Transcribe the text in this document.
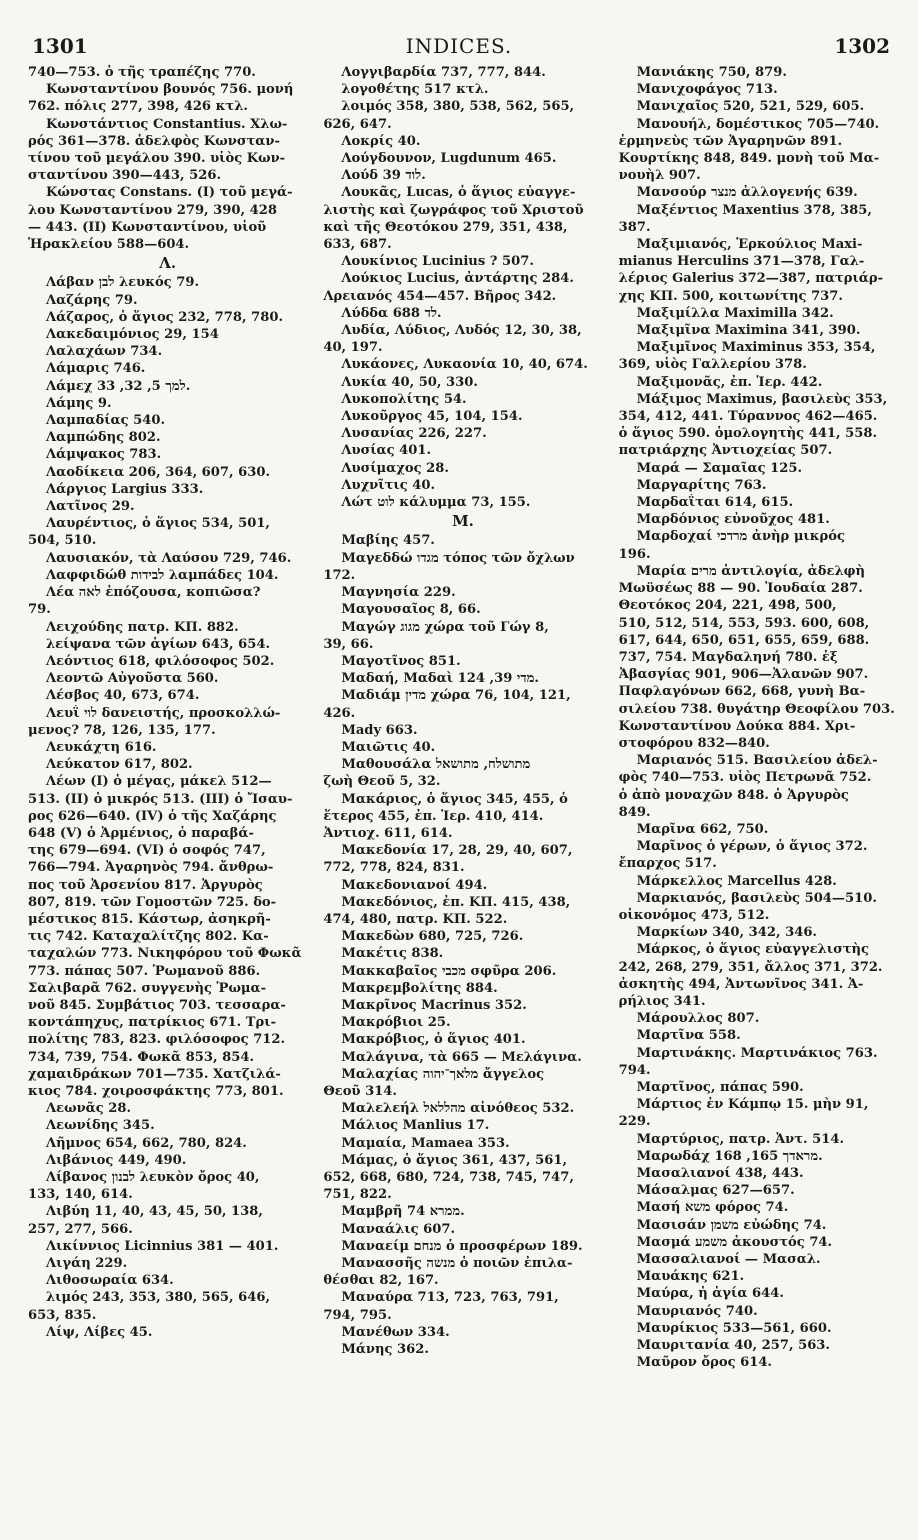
1301	INDICES.	1302
740—753. ὁ τῆς τραπέζης 770.
Κωνσταντίνου βουνός 756. μονή
762. πόλις 277, 398, 426 κτλ.
Κωνστάντιος Constantius. Χλω-
ρός 361—378. ἀδελφὸς Κωνσταν-
τίνου τοῦ μεγάλου 390. υἱὸς Κων-
σταντίνου 390—443, 526.
Κώνστας Constans. (I) τοῦ μεγά-
λου Κωνσταντίνου 279, 390, 428
— 443. (II) Κωνσταντίνου, υἱοῦ
Ἡρακλείου 588—604.
Λ.
Λάβαν לבן λευκός 79.
Λαζάρης 79.
Λάζαρος, ὁ ἅγιος 232, 778, 780.
Λακεδαιμόνιος 29, 154
Λαλαχάων 734.
Λάμαρις 746.
Λάμεχ למך 5, 32, 33.
Λάμης 9.
Λαμπαδίας 540.
Λαμπώδης 802.
Λάμψακος 783.
Λαοδίκεια 206, 364, 607, 630.
Λάργιος Largius 333.
Λατῖνος 29.
Λαυρέντιος, ὁ ἅγιος 534, 501,
504, 510.
Λαυσιακόν, τὰ Λαύσου 729, 746.
Λαφφιδώθ לבידות λαμπάδες 104.
Λέα לאה ἐπόζουσα, κοπιῶσα?
79.
Λειχούδης πατρ. ΚΠ. 882.
λείψανα τῶν ἁγίων 643, 654.
Λεόντιος 618, φιλόσοφος 502.
Λεοντῶ Αὐγοῦστα 560.
Λέσβος 40, 673, 674.
Λευΐ לוי δανειστής, προσκολλώ-
μενος? 78, 126, 135, 177.
Λευκάχτη 616.
Λεύκατον 617, 802.
Λέων (I) ὁ μέγας, μάκελ 512—
513. (II) ὁ μικρός 513. (III) ὁ Ἴσαυ-
ρος 626—640. (IV) ὁ τῆς Χαζάρης
648 (V) ὁ Ἀρμένιος, ὁ παραβά-
της 679—694. (VI) ὁ σοφός 747,
766—794. Ἀγαρηνὸς 794. ἄνθρω-
πος τοῦ Ἀρσενίου 817. Ἀργυρὸς
807, 819. τῶν Γομοστῶν 725. δο-
μέστικος 815. Κάστωρ, ἀσηκρῆ-
τις 742. Καταχαλίτζης 802. Κα-
ταχαλών 773. Νικηφόρου τοῦ Φωκᾶ
773. πάπας 507. Ῥωμανοῦ 886.
Σαλιβαρᾶ 762. συγγενὴς Ῥωμα-
νοῦ 845. Συμβάτιος 703. τεσσαρα-
κοντάπηχυς, πατρίκιος 671. Τρι-
πολίτης 783, 823. φιλόσοφος 712.
734, 739, 754. Φωκᾶ 853, 854.
χαμαιδράκων 701—735. Χατζιλά-
κιος 784. χοιροσφάκτης 773, 801.
Λεωνᾶς 28.
Λεωνίδης 345.
Λῆμνος 654, 662, 780, 824.
Λιβάνιος 449, 490.
Λίβανος לבנון λευκὸν ὄρος 40,
133, 140, 614.
Λιβύη 11, 40, 43, 45, 50, 138,
257, 277, 566.
Λικίννιος Licinnius 381 — 401.
Λιγάη 229.
Λιθοσωραία 634.
λιμός 243, 353, 380, 565, 646,
653, 835.
Λίψ, Λίβες 45.
Λογγιβαρδία 737, 777, 844.
λογοθέτης 517 κτλ.
λοιμός 358, 380, 538, 562, 565,
626, 647.
Λοκρίς 40.
Λούγδουνον, Lugdunum 465.
Λούδ לוד 39.
Λουκᾶς, Lucas, ὁ ἅγιος εὐαγγε-
λιστὴς καὶ ζωγράφος τοῦ Χριστοῦ
καὶ τῆς Θεοτόκου 279, 351, 438,
633, 687.
Λουκίνιος Lucinius ? 507.
Λούκιος Lucius, ἀντάρτης 284.
Λρειανός 454—457. Βῆρος 342.
Λύδδα לד 688.
Λυδία, Λύδιος, Λυδός 12, 30, 38,
40, 197.
Λυκάονες, Λυκαονία 10, 40, 674.
Λυκία 40, 50, 330.
Λυκοπολίτης 54.
Λυκοῦργος 45, 104, 154.
Λυσανίας 226, 227.
Λυσίας 401.
Λυσίμαχος 28.
Λυχνῖτις 40.
Λώτ לוט κάλυμμα 73, 155.
Μ.
Μαβίης 457.
Μαγεδδώ מגדו τόπος τῶν ὄχλων
172.
Μαγνησία 229.
Μαγουσαῖος 8, 66.
Μαγώγ מגוג χώρα τοῦ Γώγ 8,
39, 66.
Μαγοτῖνος 851.
Μαδαή, Μαδαὶ מדי 39, 124.
Μαδιάμ מדין χώρα 76, 104, 121,
426.
Mady 663.
Μαιῶτις 40.
Μαθουσάλα מתושלח, מתושאל
ζωὴ Θεοῦ 5, 32.
Μακάριος, ὁ ἅγιος 345, 455, ὁ
ἕτερος 455, ἐπ. Ἱερ. 410, 414.
Ἀντιοχ. 611, 614.
Μακεδονία 17, 28, 29, 40, 607,
772, 778, 824, 831.
Μακεδονιανοί 494.
Μακεδόνιος, ἐπ. ΚΠ. 415, 438,
474, 480, πατρ. ΚΠ. 522.
Μακεδὼν 680, 725, 726.
Μακέτις 838.
Μακκαβαῖος מכבי σφῦρα 206.
Μακρεμβολίτης 884.
Μακρῖνος Macrinus 352.
Μακρόβιοι 25.
Μακρόβιος, ὁ ἅγιος 401.
Μαλάγινα, τὰ 665 — Μελάγινα.
Μαλαχίας מלאך־יהוה ἄγγελος
Θεοῦ 314.
Μαλελεήλ מהללאל αἰνόθεος 532.
Μάλιος Manlius 17.
Μαμαία, Mamaea 353.
Μάμας, ὁ ἅγιος 361, 437, 561,
652, 668, 680, 724, 738, 745, 747,
751, 822.
Μαμβρῆ ממרא 74.
Μαναάλις 607.
Μαναείμ מנחם ὁ προσφέρων 189.
Μανασσῆς מנשה ὁ ποιῶν ἐπιλα-
θέσθαι 82, 167.
Μαναύρα 713, 723, 763, 791,
794, 795.
Μανέθων 334.
Μάνης 362.
Μανιάκης 750, 879.
Μανιχοφάγος 713.
Μανιχαῖος 520, 521, 529, 605.
Μανουήλ, δομέστικος 705—740.
ἑρμηνεὺς τῶν Ἀγαρηνῶν 891.
Κουρτίκης 848, 849. μονὴ τοῦ Μα-
νουὴλ 907.
Μανσούρ מנצר ἀλλογενής 639.
Μαξέντιος Maxentius 378, 385,
387.
Μαξιμιανός, Ἑρκούλιος Maxi-
mianus Herculins 371—378, Γαλ-
λέριος Galerius 372—387, πατριάρ-
χης ΚΠ. 500, κοιτωνίτης 737.
Μαξιμίλλα Maximilla 342.
Μαξιμῖνα Maximina 341, 390.
Μαξιμῖνος Maximinus 353, 354,
369, υἱὸς Γαλλερίου 378.
Μαξιμονᾶς, ἐπ. Ἱερ. 442.
Μάξιμος Maximus, βασιλεὺς 353,
354, 412, 441. Τύραννος 462—465.
ὁ ἅγιος 590. ὁμολογητὴς 441, 558.
πατριάρχης Ἀντιοχείας 507.
Μαρά — Σαμαῖας 125.
Μαργαρίτης 763.
Μαρδαΐται 614, 615.
Μαρδόνιος εὐνοῦχος 481.
Μαρδοχαί מרדכי ἀνὴρ μικρός
196.
Μαρία מרים ἀντιλογία, ἀδελφὴ
Μωϋσέως 88 — 90. Ἰουδαία 287.
Θεοτόκος 204, 221, 498, 500,
510, 512, 514, 553, 593. 600, 608,
617, 644, 650, 651, 655, 659, 688.
737, 754. Μαγδαληνή 780. ἐξ
Ἀβασγίας 901, 906—Ἀλανῶν 907.
Παφλαγόνων 662, 668, γυνὴ Βα-
σιλείου 738. θυγάτηρ Θεοφίλου 703.
Κωνσταντίνου Δούκα 884. Χρι-
στοφόρου 832—840.
Μαριανός 515. Βασιλείου ἀδελ-
φὸς 740—753. υἱὸς Πετρωνᾶ 752.
ὁ ἀπὸ μοναχῶν 848. ὁ Ἀργυρὸς
849.
Μαρῖνα 662, 750.
Μαρῖνος ὁ γέρων, ὁ ἅγιος 372.
ἔπαρχος 517.
Μάρκελλος Marcellus 428.
Μαρκιανός, βασιλεὺς 504—510.
οἰκονόμος 473, 512.
Μαρκίων 340, 342, 346.
Μάρκος, ὁ ἅγιος εὐαγγελιστὴς
242, 268, 279, 351, ἄλλος 371, 372.
ἀσκητὴς 494, Ἀντωνῖνος 341. Ἀ-
ρήλιος 341.
Μάρουλλος 807.
Μαρτῖνα 558.
Μαρτινάκης. Μαρτινάκιος 763.
794.
Μαρτῖνος, πάπας 590.
Μάρτιος ἐν Κάμπῳ 15. μὴν 91,
229.
Μαρτύριος, πατρ. Ἀντ. 514.
Μαρωδάχ מראדך 165, 168.
Μασαλιανοί 438, 443.
Μάσαλμας 627—657.
Μασή משא φόρος 74.
Μασισάν משמן εὐώδης 74.
Μασμά משמע ἀκουστός 74.
Μασσαλιανοί — Μασαλ.
Μαυάκης 621.
Μαύρα, ἡ ἁγία 644.
Μαυριανός 740.
Μαυρίκιος 533—561, 660.
Μαυριτανία 40, 257, 563.
Μαῦρον ὄρος 614.
